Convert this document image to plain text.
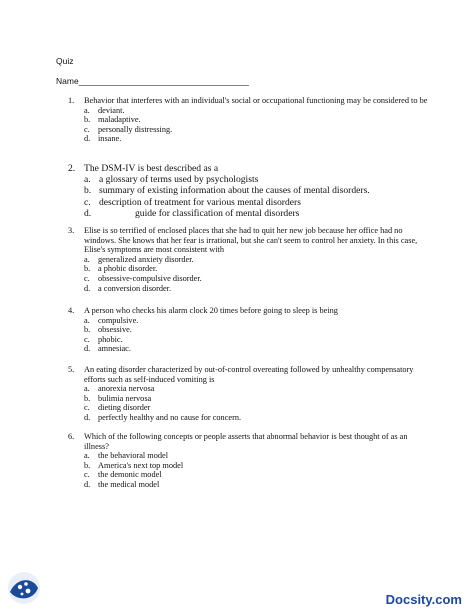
Quiz
Name____________________________________
1. Behavior that interferes with an individual's social or occupational functioning may be considered to be
a. deviant.
b. maladaptive.
c. personally distressing.
d. insane.
2. The DSM-IV is best described as a
a. a glossary of terms used by psychologists
b. summary of existing information about the causes of mental disorders.
c. description of treatment for various mental disorders
d.	guide for classification of mental disorders
3. Elise is so terrified of enclosed places that she had to quit her new job because her office had no windows. She knows that her fear is irrational, but she can't seem to control her anxiety. In this case, Elise's symptoms are most consistent with
a. generalized anxiety disorder.
b. a phobic disorder.
c. obsessive-compulsive disorder.
d. a conversion disorder.
4. A person who checks his alarm clock 20 times before going to sleep is being
a. compulsive.
b. obsessive.
c. phobic.
d. amnesiac.
5. An eating disorder characterized by out-of-control overeating followed by unhealthy compensatory efforts such as self-induced vomiting is
a. anorexia nervosa
b. bulimia nervosa
c. dieting disorder
d. perfectly healthy and no cause for concern.
6. Which of the following concepts or people asserts that abnormal behavior is best thought of as an illness?
a. the behavioral model
b. America's next top model
c. the demonic model
d. the medical model
Docsity.com
